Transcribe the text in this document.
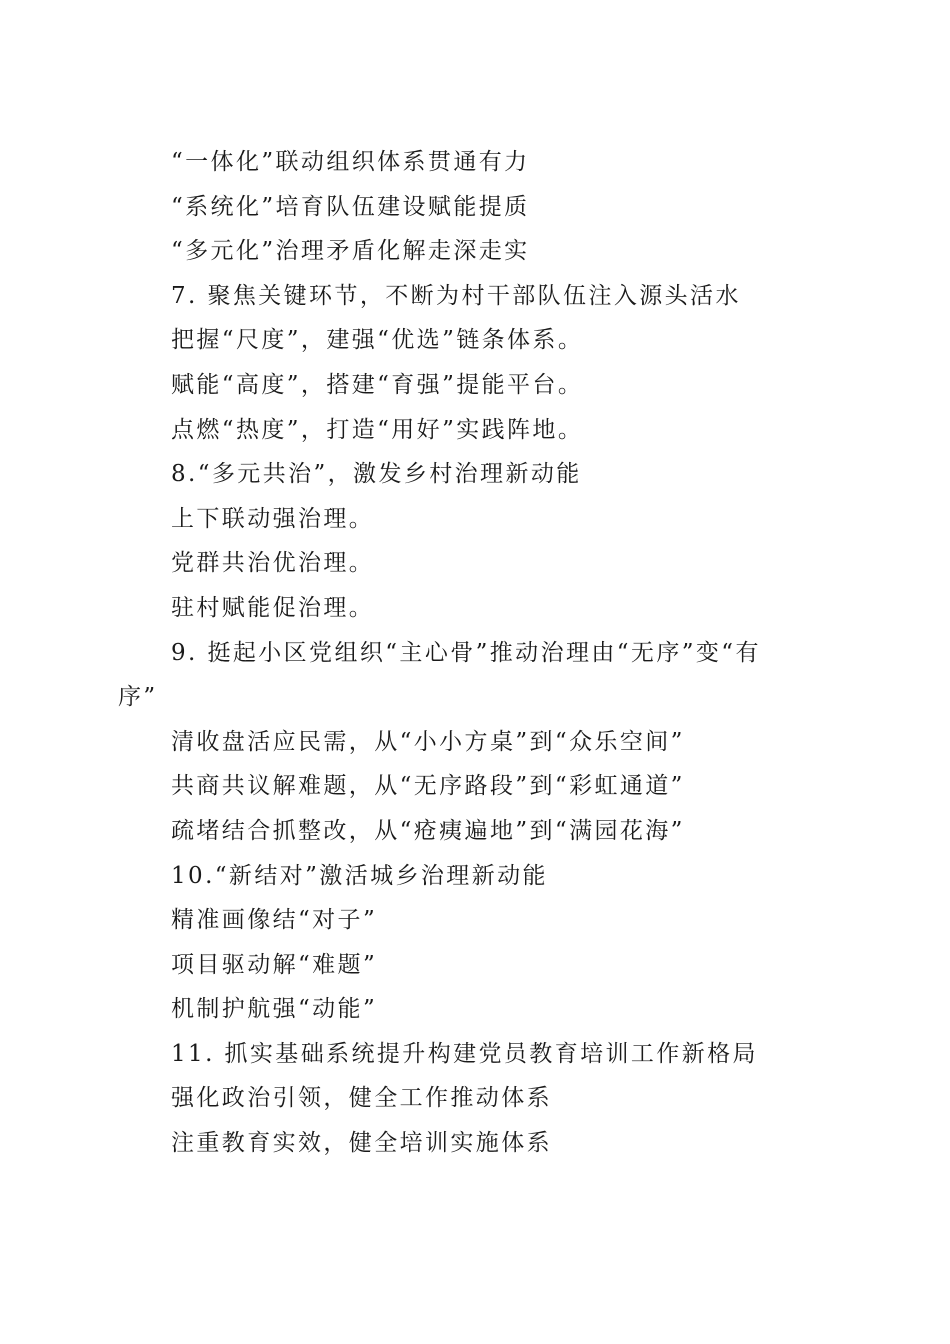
“一体化”联动组织体系贯通有力
“系统化”培育队伍建设赋能提质
“多元化”治理矛盾化解走深走实
7. 聚焦关键环节，不断为村干部队伍注入源头活水
把握“尺度”，建强“优选”链条体系。
赋能“高度”，搭建“育强”提能平台。
点燃“热度”，打造“用好”实践阵地。
8.“多元共治”，激发乡村治理新动能
上下联动强治理。
党群共治优治理。
驻村赋能促治理。
9. 挺起小区党组织“主心骨”推动治理由“无序”变“有
序”
清收盘活应民需，从“小小方桌”到“众乐空间”
共商共议解难题，从“无序路段”到“彩虹通道”
疏堵结合抓整改，从“疮痍遍地”到“满园花海”
10.“新结对”激活城乡治理新动能
精准画像结“对子”
项目驱动解“难题”
机制护航强“动能”
11. 抓实基础系统提升构建党员教育培训工作新格局
强化政治引领，健全工作推动体系
注重教育实效，健全培训实施体系
